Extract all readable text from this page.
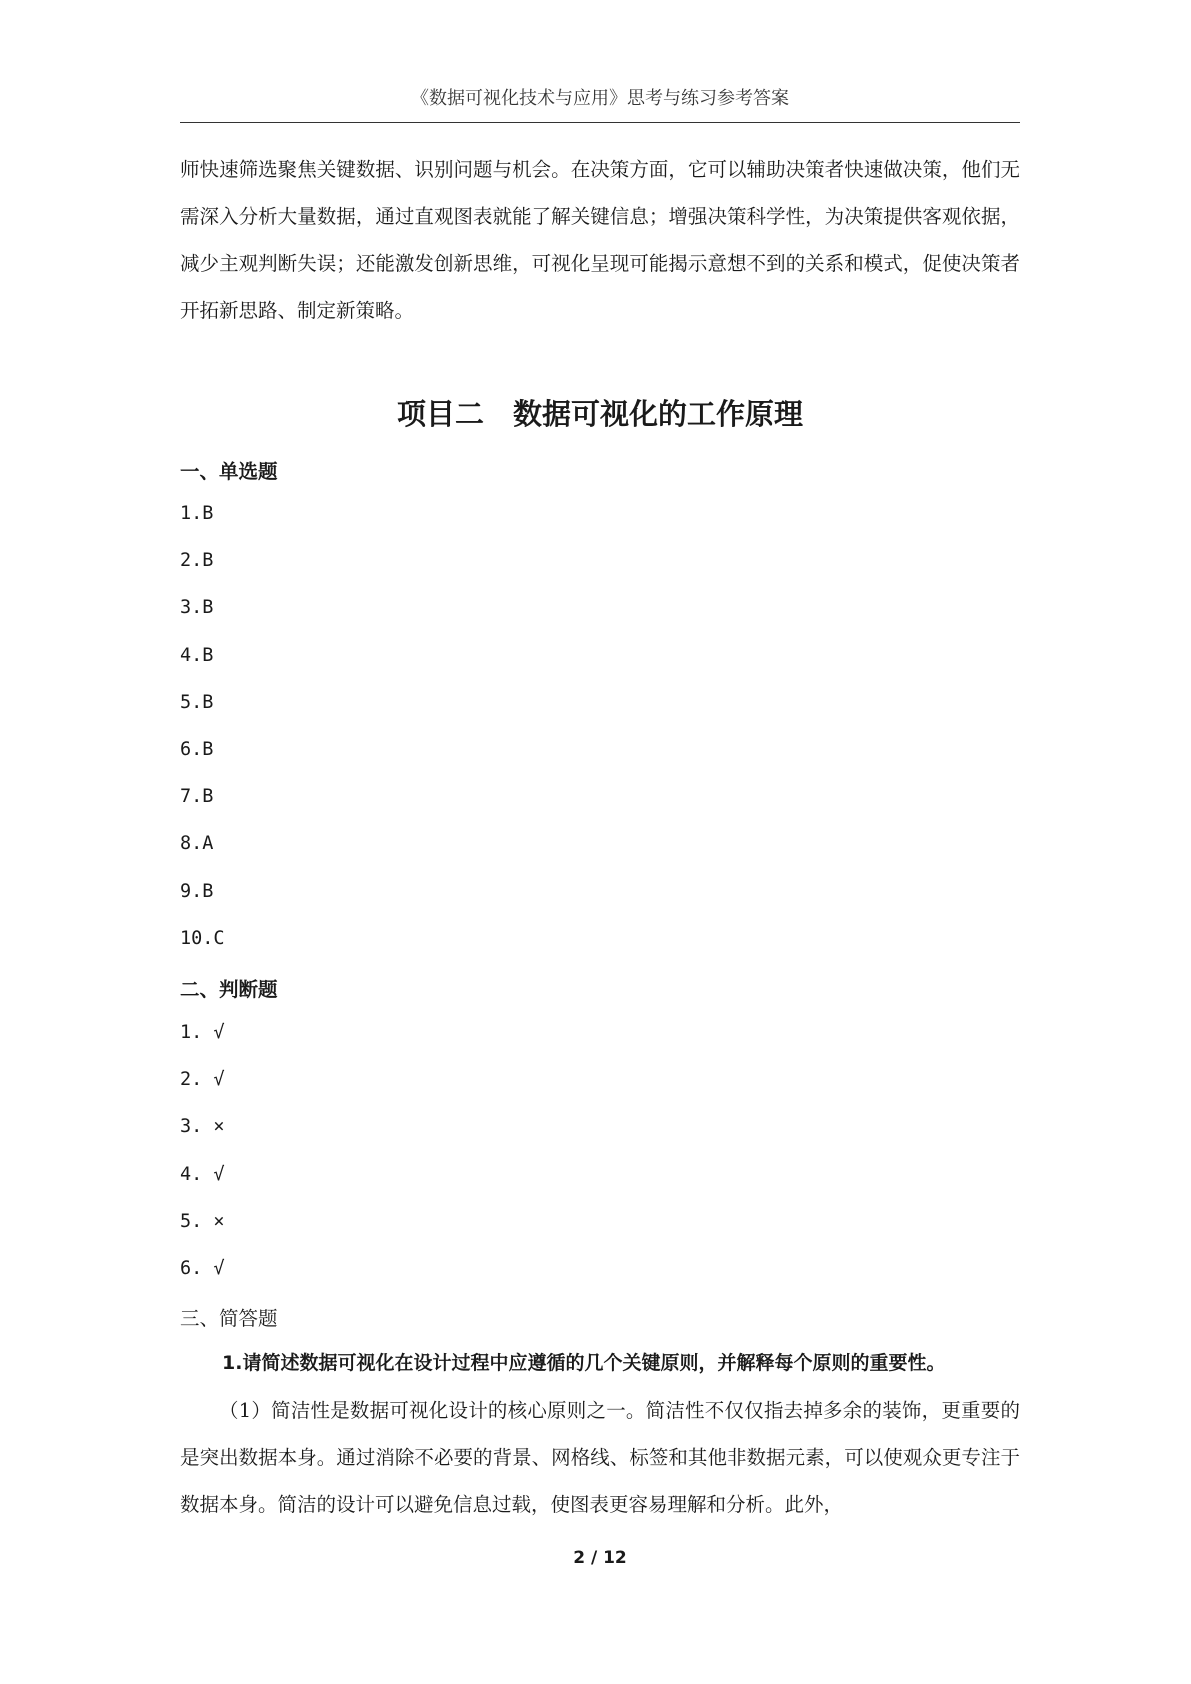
《数据可视化技术与应用》思考与练习参考答案
师快速筛选聚焦关键数据、识别问题与机会。在决策方面，它可以辅助决策者快速做决策，他们无需深入分析大量数据，通过直观图表就能了解关键信息；增强决策科学性，为决策提供客观依据，减少主观判断失误；还能激发创新思维，可视化呈现可能揭示意想不到的关系和模式，促使决策者开拓新思路、制定新策略。
项目二　数据可视化的工作原理
一、单选题
1.B
2.B
3.B
4.B
5.B
6.B
7.B
8.A
9.B
10.C
二、判断题
1. √
2. √
3. ×
4. √
5. ×
6. √
三、简答题
1.请简述数据可视化在设计过程中应遵循的几个关键原则，并解释每个原则的重要性。
（1）简洁性是数据可视化设计的核心原则之一。简洁性不仅仅指去掉多余的装饰，更重要的是突出数据本身。通过消除不必要的背景、网格线、标签和其他非数据元素，可以使观众更专注于数据本身。简洁的设计可以避免信息过载，使图表更容易理解和分析。此外，
2 / 12
